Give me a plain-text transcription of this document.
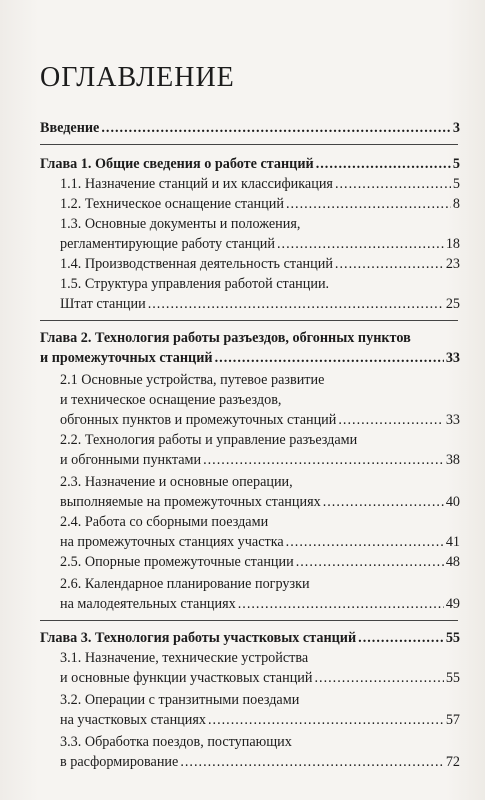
ОГЛАВЛЕНИЕ
Введение .....	3
Глава 1. Общие сведения о работе станций .....	5
1.1. Назначение станций и их классификация .....	5
1.2. Техническое оснащение станций .....	8
1.3. Основные документы и положения,
регламентирующие работу станций .....	18
1.4. Производственная деятельность станций .....	23
1.5. Структура управления работой станции.
Штат станции .....	25
Глава 2. Технология работы разъездов, обгонных пунктов
и промежуточных станций .....	33
2.1 Основные устройства, путевое развитие
и техническое оснащение разъездов,
обгонных пунктов и промежуточных станций .....	33
2.2. Технология работы и управление разъездами
и обгонными пунктами .....	38
2.3. Назначение и основные операции,
выполняемые на промежуточных станциях .....	40
2.4. Работа со сборными поездами
на промежуточных станциях участка .....	41
2.5. Опорные промежуточные станции .....	48
2.6. Календарное планирование погрузки
на малодеятельных станциях .....	49
Глава 3. Технология работы участковых станций .....	55
3.1. Назначение, технические устройства
и основные функции участковых станций .....	55
3.2. Операции с транзитными поездами
на участковых станциях .....	57
3.3. Обработка поездов, поступающих
в расформирование .....	72
